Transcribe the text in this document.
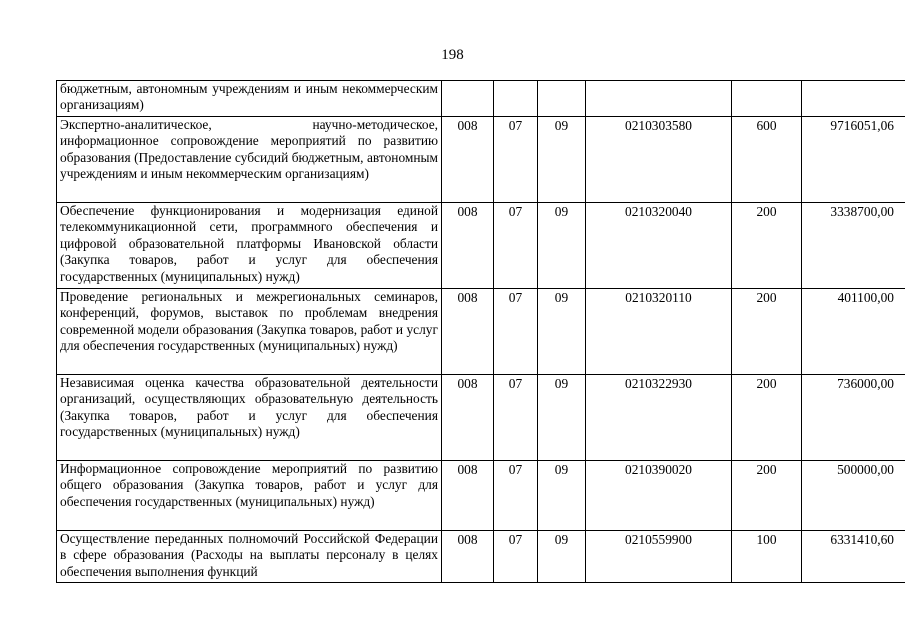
198
бюджетным, автономным учреждениям и иным некоммерческим организациям)						
Экспертно-аналитическое, научно-методическое, информационное сопровождение мероприятий по развитию образования (Предоставление субсидий бюджетным, автономным учреждениям и иным некоммерческим организациям)	008	07	09	0210303580	600	9716051,06
Обеспечение функционирования и модернизация единой телекоммуникационной сети, программного обеспечения и цифровой образовательной платформы Ивановской области (Закупка товаров, работ и услуг для обеспечения государственных (муниципальных) нужд)	008	07	09	0210320040	200	3338700,00
Проведение региональных и межрегиональных семинаров, конференций, форумов, выставок по проблемам внедрения современной модели образования (Закупка товаров, работ и услуг для обеспечения государственных (муниципальных) нужд)	008	07	09	0210320110	200	401100,00
Независимая оценка качества образовательной деятельности организаций, осуществляющих образовательную деятельность (Закупка товаров, работ и услуг для обеспечения государственных (муниципальных) нужд)	008	07	09	0210322930	200	736000,00
Информационное сопровождение мероприятий по развитию общего образования (Закупка товаров, работ и услуг для обеспечения государственных (муниципальных) нужд)	008	07	09	0210390020	200	500000,00
Осуществление переданных полномочий Российской Федерации в сфере образования (Расходы на выплаты персоналу в целях обеспечения выполнения функций	008	07	09	0210559900	100	6331410,60
